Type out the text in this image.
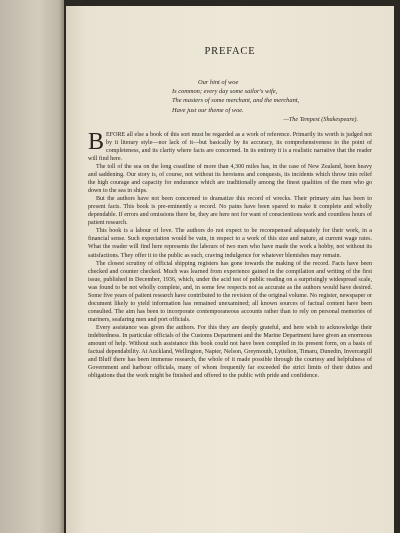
PREFACE
Our hint of woe
Is common; every day some sailor's wife,
The masters of some merchant, and the merchant,
Have just our theme of woe.
—The Tempest (Shakespeare).

BEFORE all else a book of this sort must be regarded as a work of reference. Primarily its worth is judged not by it literary style—nor lack of it—but basically by its accuracy, its comprehensiveness to the point of completeness, and its clarity where facts are concerned. In its entirety it is a realistic narrative that the reader will find here.

The toll of the sea on the long coastline of more than 4,300 miles has, in the case of New Zealand, been heavy and saddening. Our story is, of course, not without its heroisms and conquests, its incidents which throw into relief the high courage and capacity for endurance which are traditionally among the finest qualities of the men who go down to the sea in ships.

But the authors have not been concerned to dramatize this record of wrecks. Their primary aim has been to present facts. This book is pre-eminently a record. No pains have been spared to make it complete and wholly dependable. If errors and omissions there be, they are here not for want of conscientious work and countless hours of patient research.

This book is a labour of love. The authors do not expect to be recompensed adequately for their work, in a financial sense. Such expectation would be vain, in respect to a work of this size and nature, at current wage rates. What the reader will find here represents the labours of two men who have made the work a hobby, not without its satisfactions. They offer it to the public as such, craving indulgence for whatever blemishes may remain.

The closest scrutiny of official shipping registers has gone towards the making of the record. Facts have been checked and counter checked. Much was learned from experience gained in the compilation and writing of the first issue, published in December, 1936, which, under the acid test of public reading on a surprisingly widespread scale, was found to be not wholly complete, and, in some few respects not as accurate as the authors would have desired. Some five years of patient research have contributed to the revision of the original volume. No register, newspaper or document likely to yield information has remained unexamined; all known sources of factual content have been consulted. The aim has been to incorporate contemporaneous accounts rather than to rely on personal memories of mariners, seafaring men and port officials.

Every assistance was given the authors. For this they are deeply grateful, and here wish to acknowledge their indebtedness. In particular officials of the Customs Department and the Marine Department have given an enormous amount of help. Without such assistance this book could not have been compiled in its present form, on a basis of factual dependability. At Auckland, Wellington, Napier, Nelson, Greymouth, Lyttelton, Timaru, Dunedin, Invercargill and Bluff there has been immense research, the whole of it made possible through the courtesy and helpfulness of Government and harbour officials, many of whom frequently far exceeded the strict limits of their duties and obligations that the work might be finished and offered to the public with pride and confidence.
